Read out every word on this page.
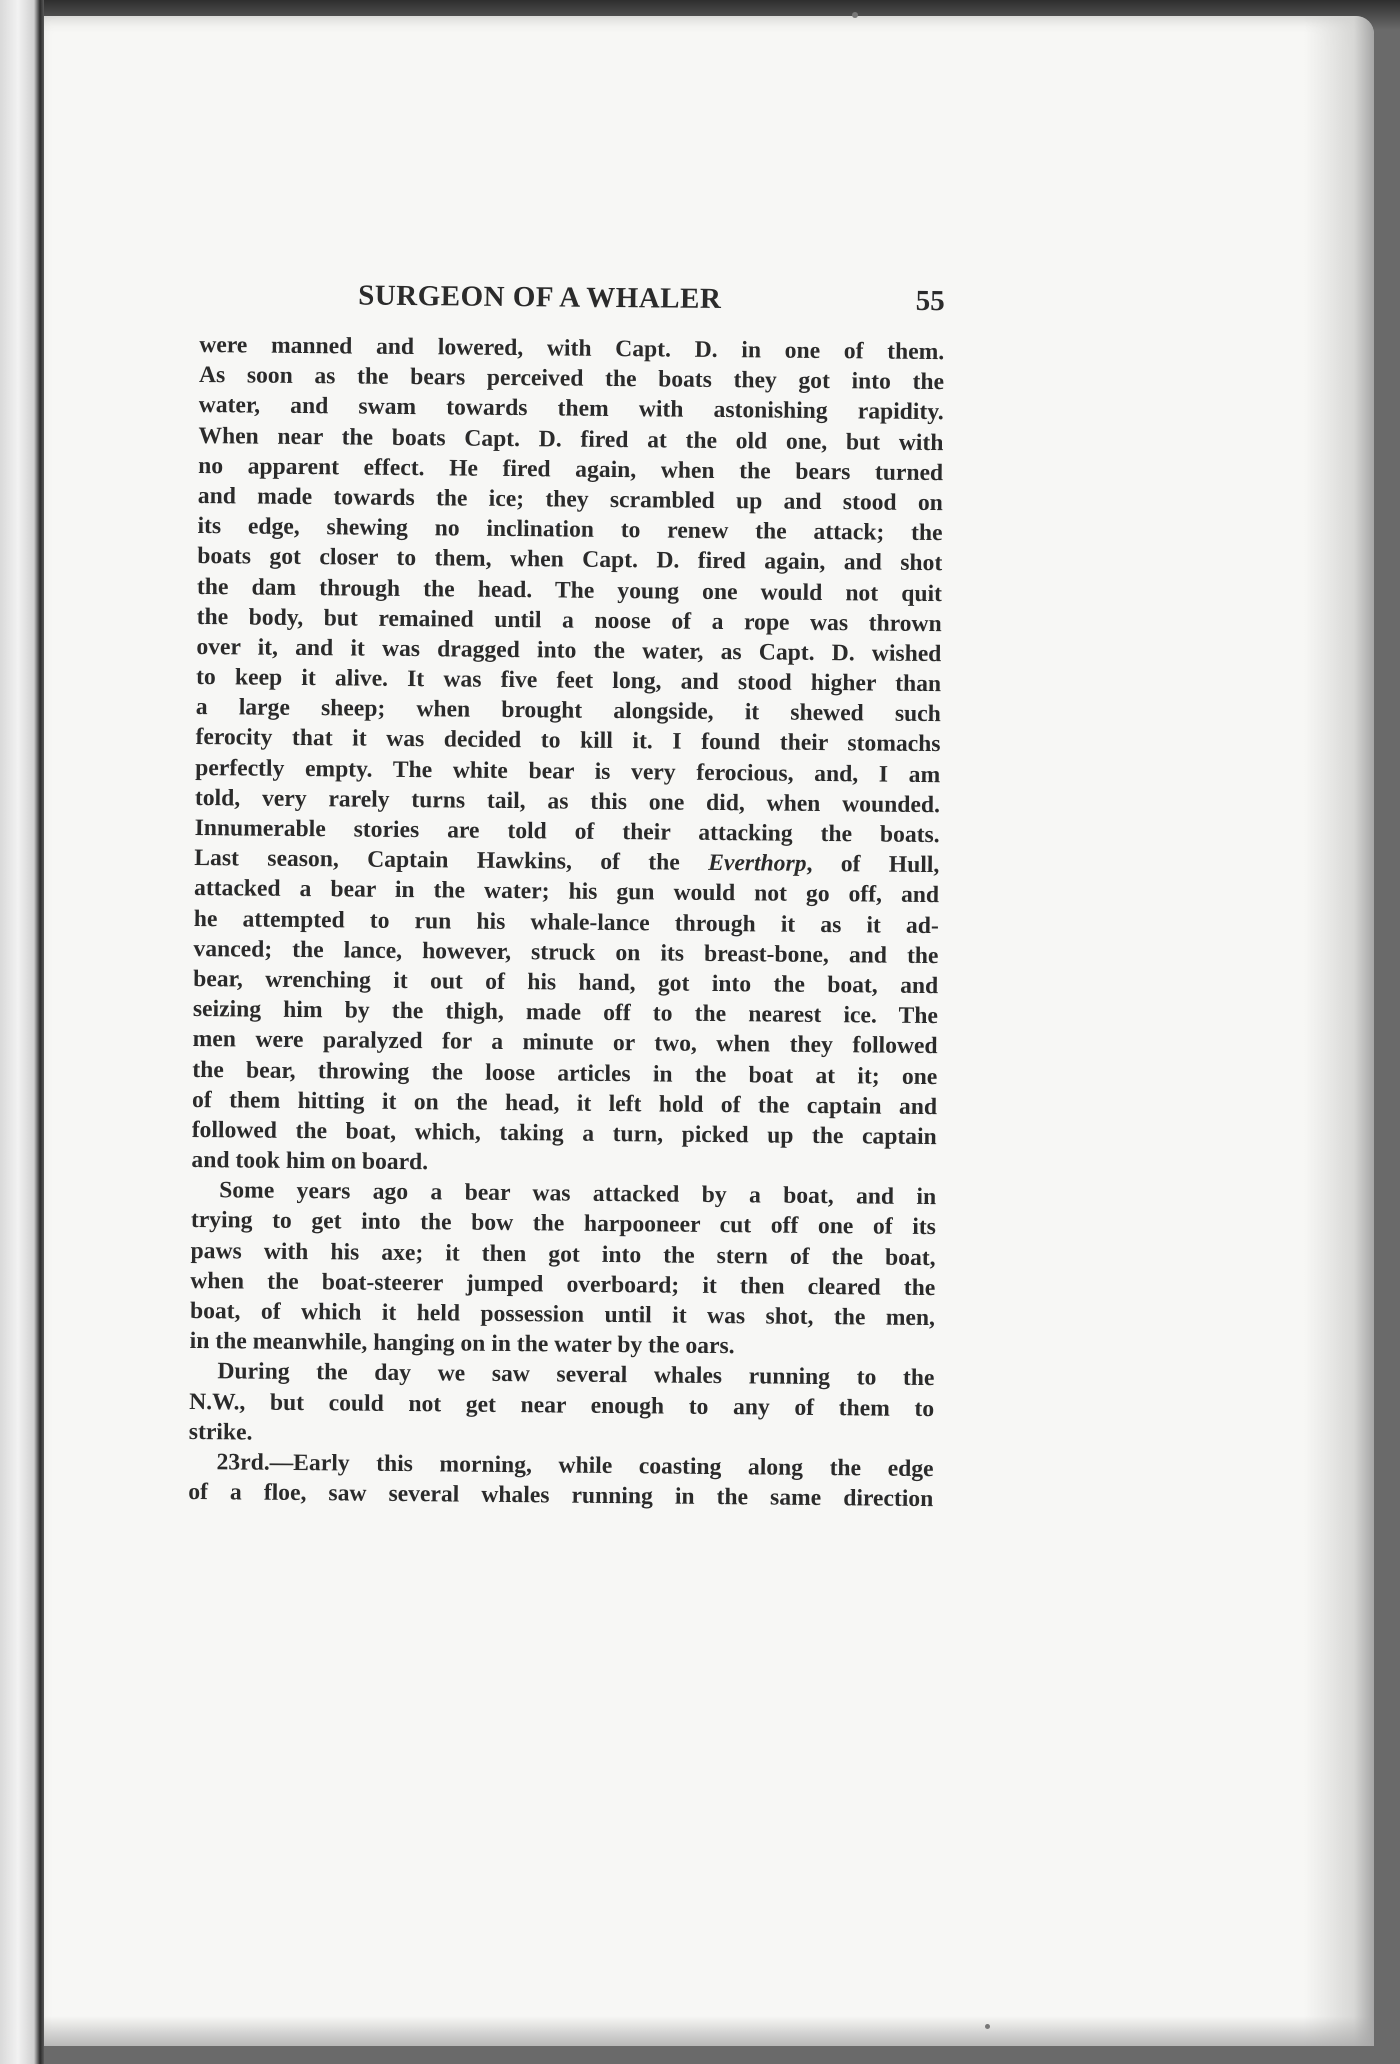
SURGEON OF A WHALER	55
were manned and lowered, with Capt. D. in one of them.
As soon as the bears perceived the boats they got into the
water, and swam towards them with astonishing rapidity.
When near the boats Capt. D. fired at the old one, but with
no apparent effect. He fired again, when the bears turned
and made towards the ice; they scrambled up and stood on
its edge, shewing no inclination to renew the attack; the
boats got closer to them, when Capt. D. fired again, and shot
the dam through the head. The young one would not quit
the body, but remained until a noose of a rope was thrown
over it, and it was dragged into the water, as Capt. D. wished
to keep it alive. It was five feet long, and stood higher than
a large sheep; when brought alongside, it shewed such
ferocity that it was decided to kill it. I found their stomachs
perfectly empty. The white bear is very ferocious, and, I am
told, very rarely turns tail, as this one did, when wounded.
Innumerable stories are told of their attacking the boats.
Last season, Captain Hawkins, of the Everthorp, of Hull,
attacked a bear in the water; his gun would not go off, and
he attempted to run his whale-lance through it as it ad-
vanced; the lance, however, struck on its breast-bone, and the
bear, wrenching it out of his hand, got into the boat, and
seizing him by the thigh, made off to the nearest ice. The
men were paralyzed for a minute or two, when they followed
the bear, throwing the loose articles in the boat at it; one
of them hitting it on the head, it left hold of the captain and
followed the boat, which, taking a turn, picked up the captain
and took him on board.
Some years ago a bear was attacked by a boat, and in
trying to get into the bow the harpooneer cut off one of its
paws with his axe; it then got into the stern of the boat,
when the boat-steerer jumped overboard; it then cleared the
boat, of which it held possession until it was shot, the men,
in the meanwhile, hanging on in the water by the oars.
During the day we saw several whales running to the
N.W., but could not get near enough to any of them to
strike.
23rd.—Early this morning, while coasting along the edge
of a floe, saw several whales running in the same direction
